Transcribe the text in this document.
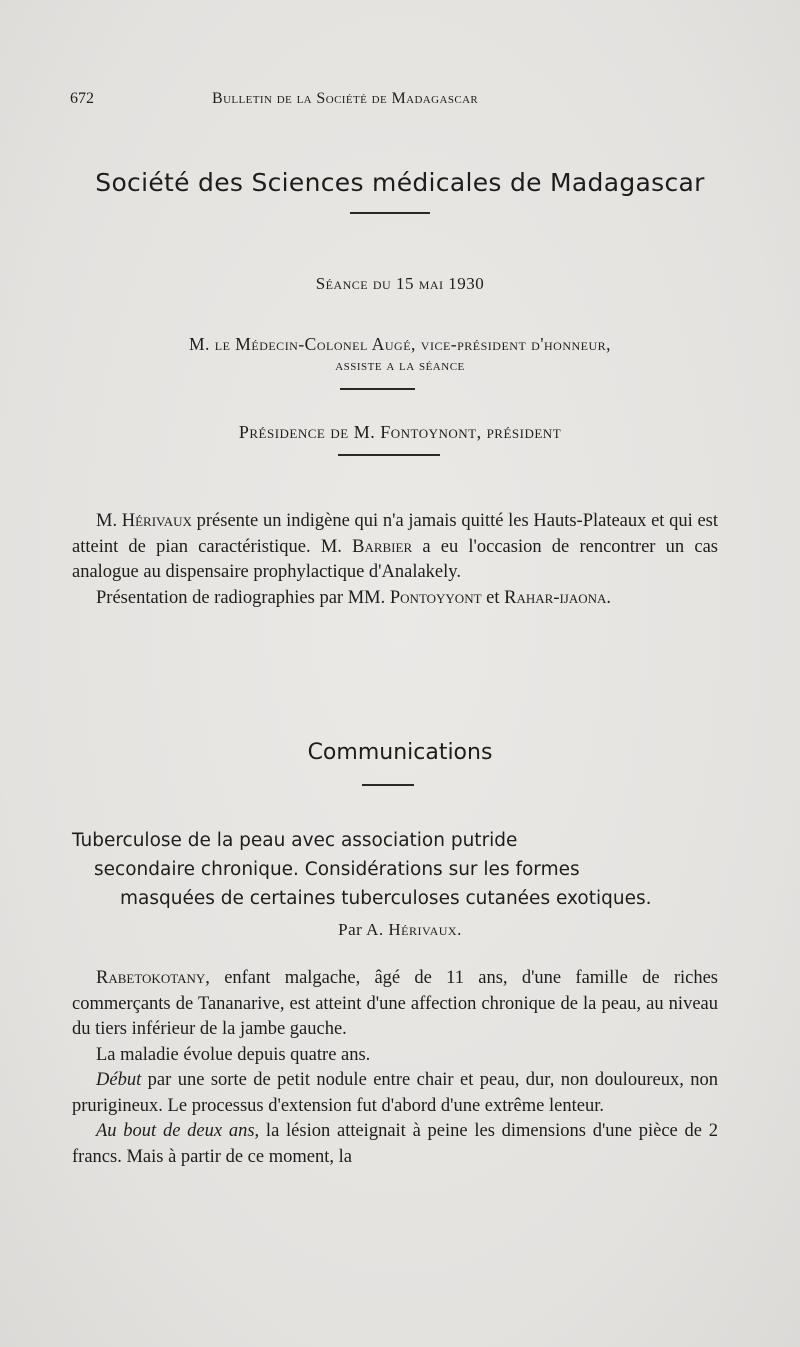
672	Bulletin de la Société de Madagascar
Société des Sciences médicales de Madagascar
Séance du 15 mai 1930
M. le Médecin-Colonel Augé, vice-président d'honneur,
assiste a la séance
Présidence de M. Fontoynont, président

M. Hérivaux présente un indigène qui n'a jamais quitté les Hauts-Plateaux et qui est atteint de pian caractéristique. M. Barbier a eu l'occasion de rencontrer un cas analogue au dispensaire prophylactique d'Analakely.

Présentation de radiographies par MM. Pontoyyont et Rahar-ijaona.

Communications
Tuberculose de la peau avec association putride
secondaire chronique. Considérations sur les formes
masquées de certaines tuberculoses cutanées exotiques.
Par A. Hérivaux.

Rabetokotany, enfant malgache, âgé de 11 ans, d'une famille de riches commerçants de Tananarive, est atteint d'une affection chronique de la peau, au niveau du tiers inférieur de la jambe gauche.

La maladie évolue depuis quatre ans.

Début par une sorte de petit nodule entre chair et peau, dur, non douloureux, non prurigineux. Le processus d'extension fut d'abord d'une extrême lenteur.

Au bout de deux ans, la lésion atteignait à peine les dimensions d'une pièce de 2 francs. Mais à partir de ce moment, la
